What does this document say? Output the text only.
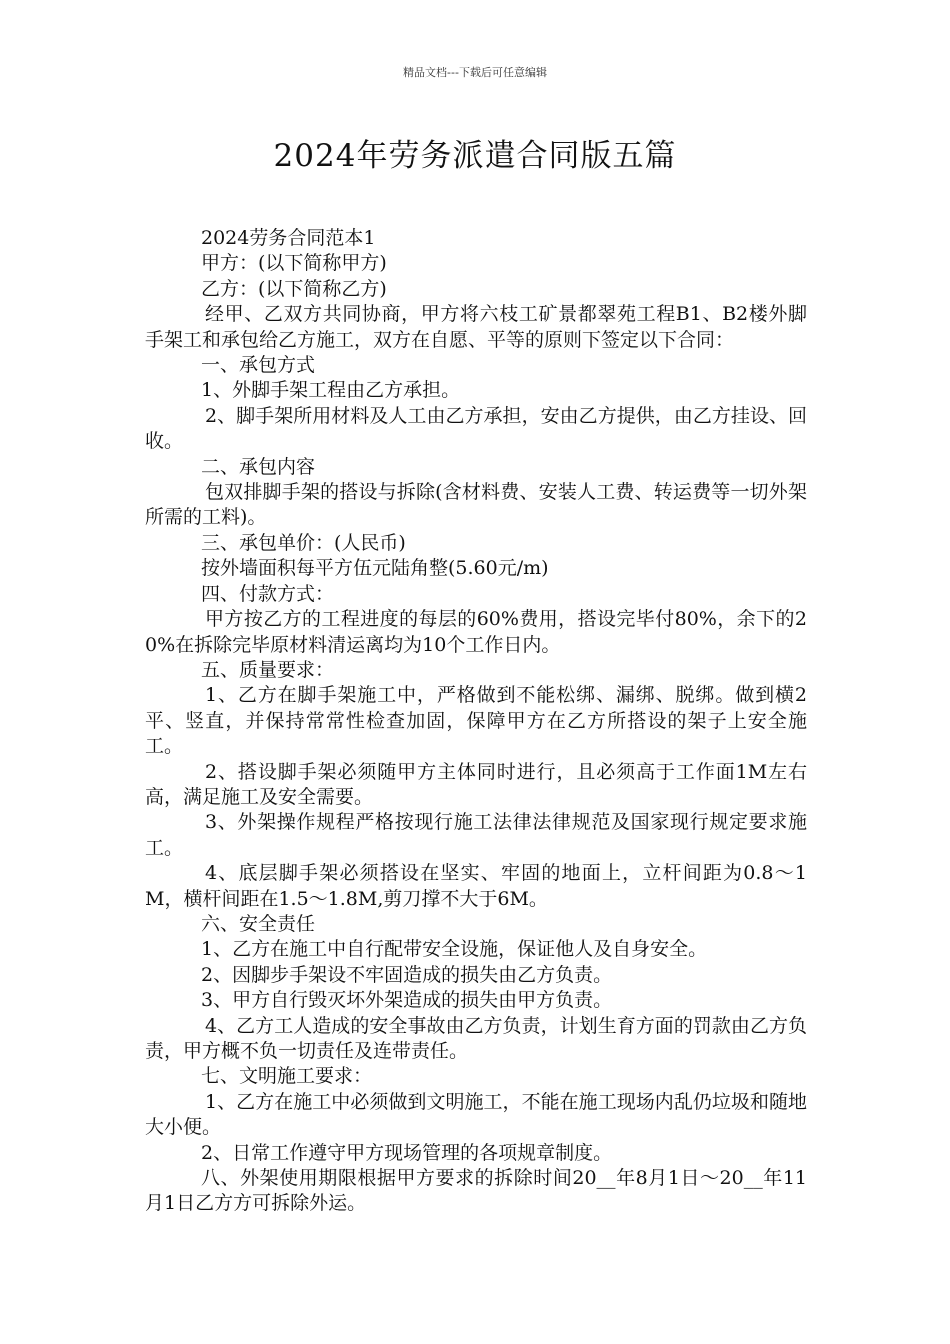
精品文档---下载后可任意编辑
2024年劳务派遣合同版五篇

2024劳务合同范本1

甲方：(以下简称甲方)

乙方：(以下简称乙方)

经甲、乙双方共同协商，甲方将六枝工矿景都翠苑工程B1、B2楼外脚手架工和承包给乙方施工，双方在自愿、平等的原则下签定以下合同：

一、承包方式

1、外脚手架工程由乙方承担。

2、脚手架所用材料及人工由乙方承担，安由乙方提供，由乙方挂设、回收。

二、承包内容

包双排脚手架的搭设与拆除(含材料费、安装人工费、转运费等一切外架所需的工料)。

三、承包单价：(人民币)

按外墙面积每平方伍元陆角整(5.60元/m)

四、付款方式：

甲方按乙方的工程进度的每层的60%费用，搭设完毕付80%，余下的20%在拆除完毕原材料清运离均为10个工作日内。

五、质量要求：

1、乙方在脚手架施工中，严格做到不能松绑、漏绑、脱绑。做到横2平、竖直，并保持常常性检查加固，保障甲方在乙方所搭设的架子上安全施工。

2、搭设脚手架必须随甲方主体同时进行，且必须高于工作面1M左右高，满足施工及安全需要。

3、外架操作规程严格按现行施工法律法律规范及国家现行规定要求施工。

4、底层脚手架必须搭设在坚实、牢固的地面上，立杆间距为0.8～1M，横杆间距在1.5～1.8M,剪刀撑不大于6M。

六、安全责任

1、乙方在施工中自行配带安全设施，保证他人及自身安全。

2、因脚步手架设不牢固造成的损失由乙方负责。

3、甲方自行毁灭坏外架造成的损失由甲方负责。

4、乙方工人造成的安全事故由乙方负责，计划生育方面的罚款由乙方负责，甲方概不负一切责任及连带责任。

七、文明施工要求：

1、乙方在施工中必须做到文明施工，不能在施工现场内乱仍垃圾和随地大小便。

2、日常工作遵守甲方现场管理的各项规章制度。

八、外架使用期限根据甲方要求的拆除时间20__年8月1日～20__年11月1日乙方方可拆除外运。
